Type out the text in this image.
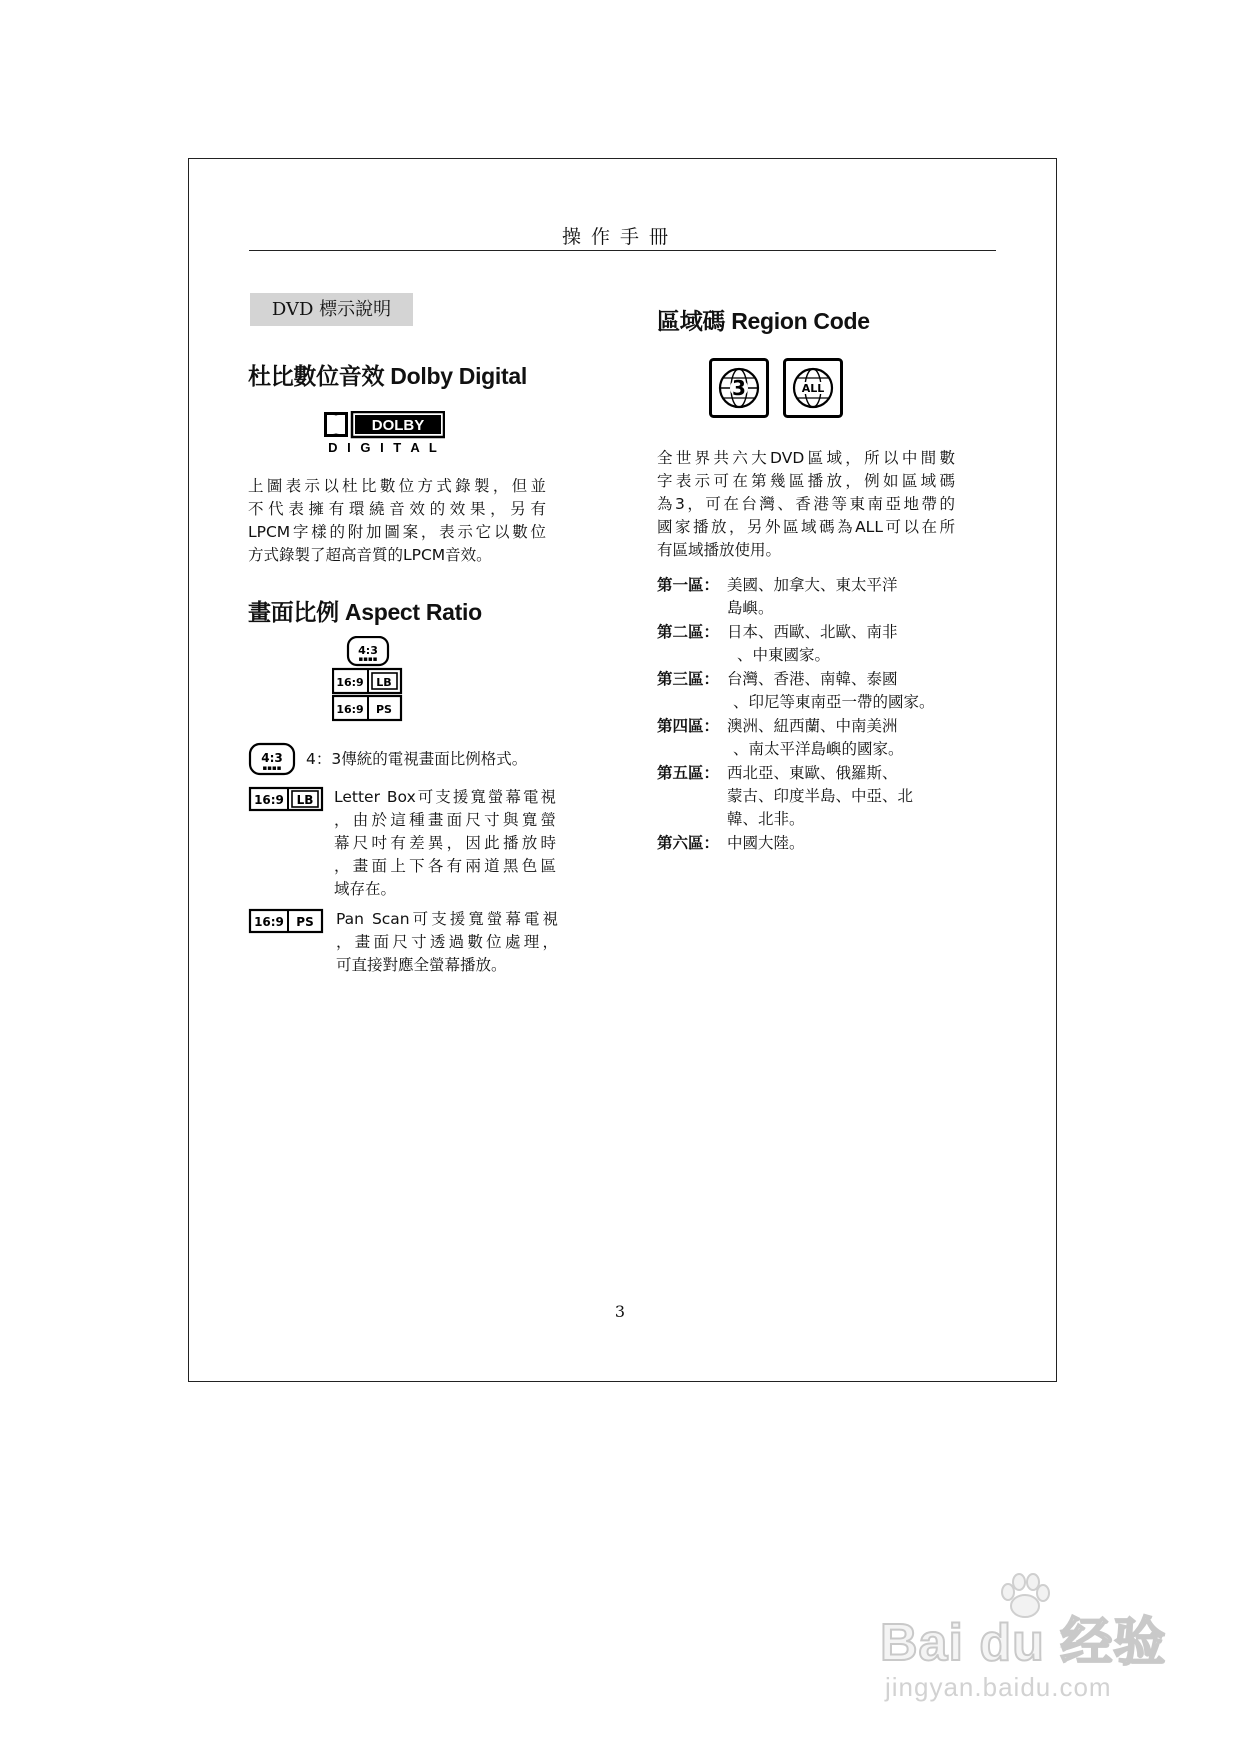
操作手冊
DVD 標示說明
杜比數位音效 Dolby Digital
DOLBY
D I G I T A L

上圖表示以杜比數位方式錄製，但並

不代表擁有環繞音效的效果，另有

LPCM字樣的附加圖案，表示它以數位

方式錄製了超高音質的LPCM音效。

畫面比例 Aspect Ratio
4:3
▪▪▪▪
16:9 LB
16:9 PS
4:3
▪▪▪▪ 4：3傳統的電視畫面比例格式。
16:9 LB Letter Box可支援寬螢幕電視

，由於這種畫面尺寸與寬螢

幕尺吋有差異，因此播放時

，畫面上下各有兩道黑色區

域存在。

16:9 PS Pan Scan可支援寬螢幕電視

，畫面尺寸透過數位處理，

可直接對應全螢幕播放。

區域碼 Region Code
3	ALL

全世界共六大DVD區域，所以中間數

字表示可在第幾區播放，例如區域碼

為3，可在台灣、香港等東南亞地帶的

國家播放，另外區域碼為ALL可以在所

有區域播放使用。

第一區： 美國、加拿大、東太平洋
島嶼。
第二區： 日本、西歐、北歐、南非
、中東國家。
第三區： 台灣、香港、南韓、泰國
、印尼等東南亞一帶的國家。
第四區： 澳洲、紐西蘭、中南美洲
、南太平洋島嶼的國家。
第五區： 西北亞、東歐、俄羅斯、
蒙古、印度半島、中亞、北
韓、北非。
第六區： 中國大陸。
3
Bai du 经验
jingyan.baidu.com
